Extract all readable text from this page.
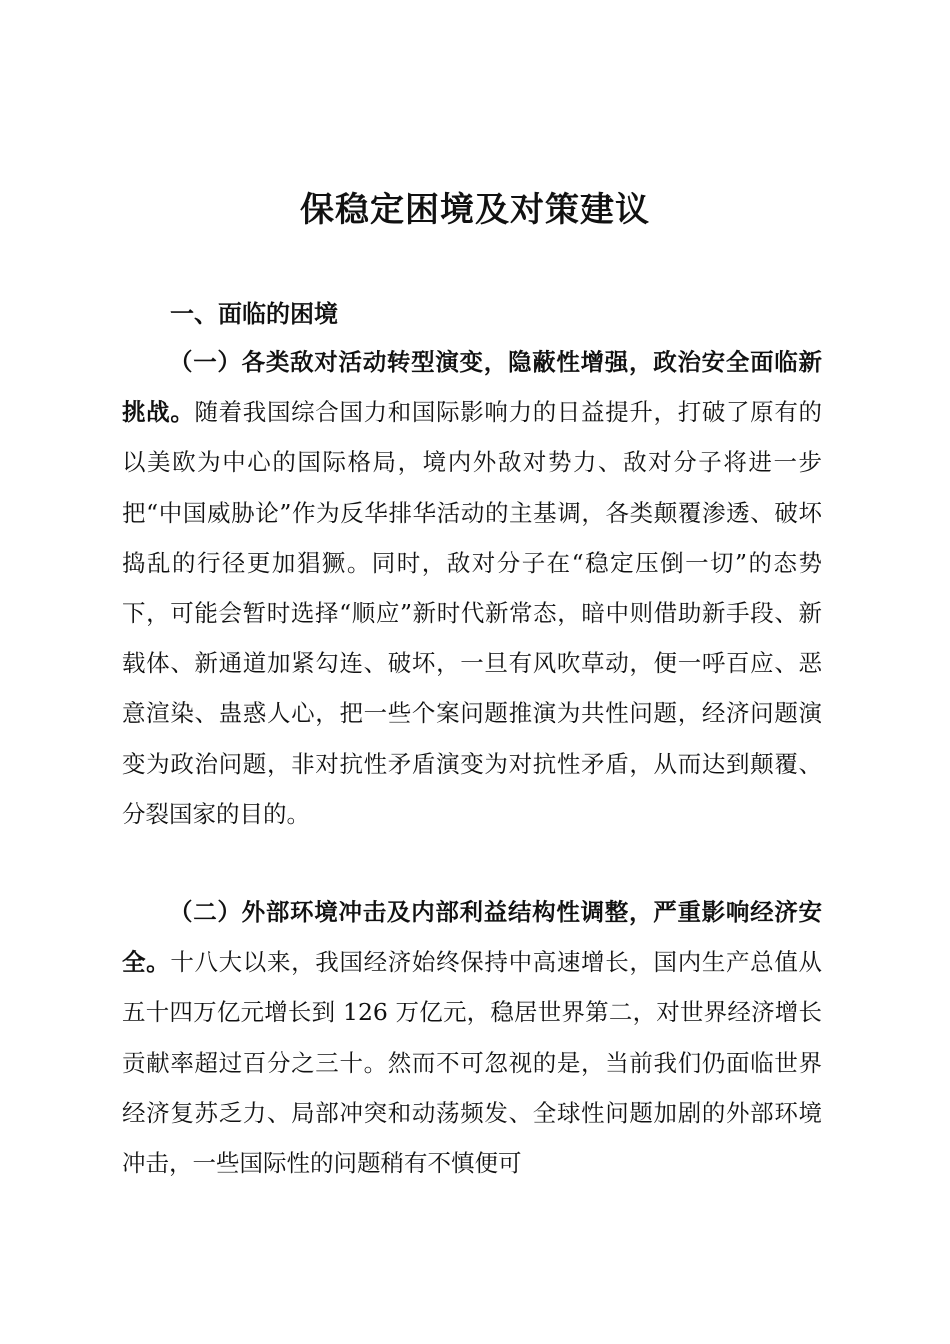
保稳定困境及对策建议
一、面临的困境

（一）各类敌对活动转型演变，隐蔽性增强，政治安全面临新挑战。随着我国综合国力和国际影响力的日益提升，打破了原有的以美欧为中心的国际格局，境内外敌对势力、敌对分子将进一步把“中国威胁论”作为反华排华活动的主基调，各类颠覆渗透、破坏捣乱的行径更加猖獗。同时，敌对分子在“稳定压倒一切”的态势下，可能会暂时选择“顺应”新时代新常态，暗中则借助新手段、新载体、新通道加紧勾连、破坏，一旦有风吹草动，便一呼百应、恶意渲染、蛊惑人心，把一些个案问题推演为共性问题，经济问题演变为政治问题，非对抗性矛盾演变为对抗性矛盾，从而达到颠覆、分裂国家的目的。

（二）外部环境冲击及内部利益结构性调整，严重影响经济安全。十八大以来，我国经济始终保持中高速增长，国内生产总值从五十四万亿元增长到 126 万亿元，稳居世界第二，对世界经济增长贡献率超过百分之三十。然而不可忽视的是，当前我们仍面临世界经济复苏乏力、局部冲突和动荡频发、全球性问题加剧的外部环境冲击，一些国际性的问题稍有不慎便可
